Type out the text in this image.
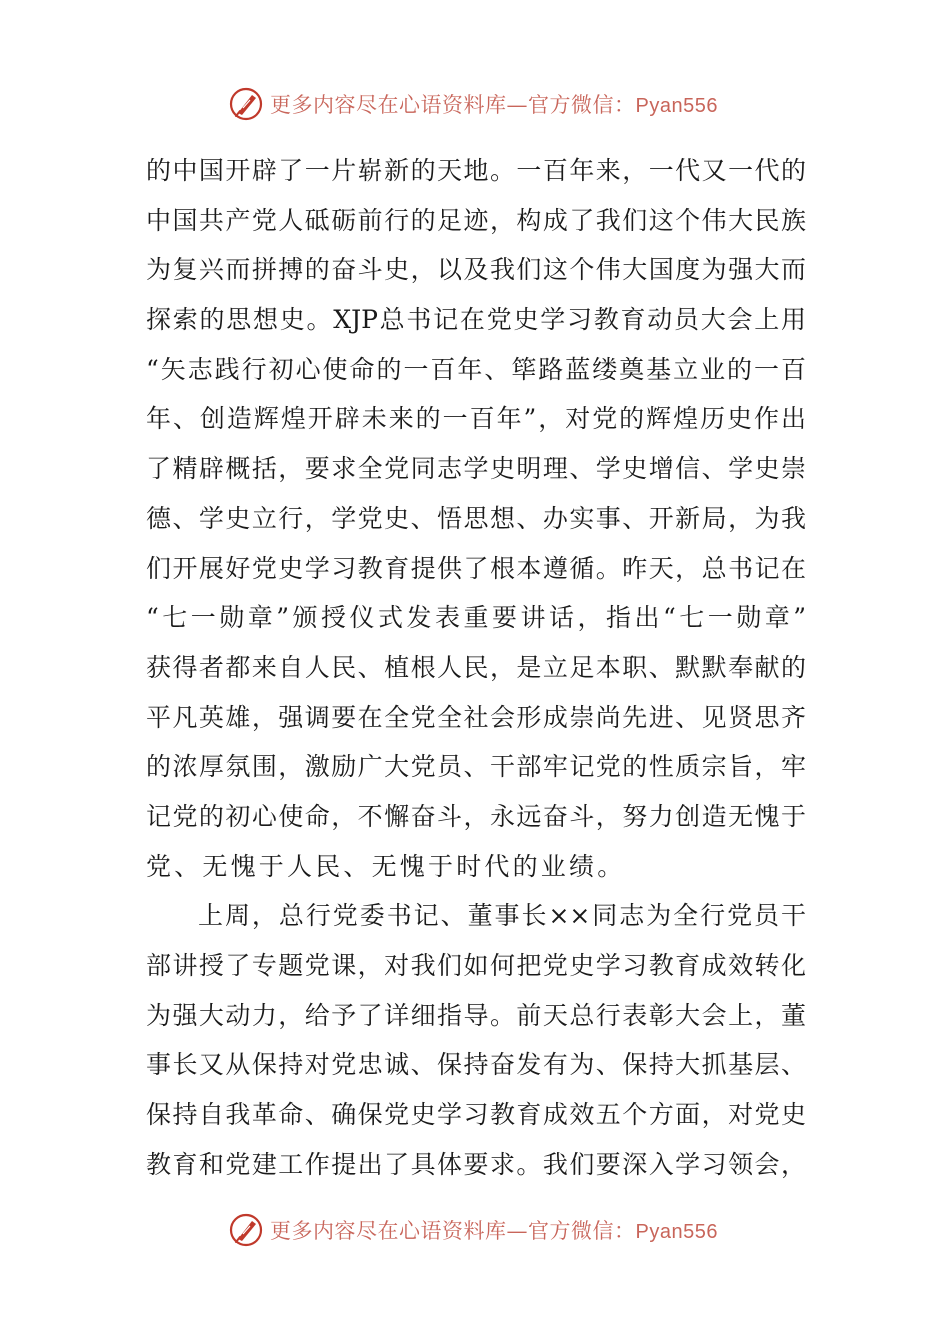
更多内容尽在心语资料库—官方微信：Pyan556
的中国开辟了一片崭新的天地。一百年来，一代又一代的
中国共产党人砥砺前行的足迹，构成了我们这个伟大民族
为复兴而拼搏的奋斗史，以及我们这个伟大国度为强大而
探索的思想史。XJP总书记在党史学习教育动员大会上用
“矢志践行初心使命的一百年、筚路蓝缕奠基立业的一百
年、创造辉煌开辟未来的一百年”，对党的辉煌历史作出
了精辟概括，要求全党同志学史明理、学史增信、学史崇
德、学史立行，学党史、悟思想、办实事、开新局，为我
们开展好党史学习教育提供了根本遵循。昨天，总书记在
“七一勋章”颁授仪式发表重要讲话，指出“七一勋章”
获得者都来自人民、植根人民，是立足本职、默默奉献的
平凡英雄，强调要在全党全社会形成崇尚先进、见贤思齐
的浓厚氛围，激励广大党员、干部牢记党的性质宗旨，牢
记党的初心使命，不懈奋斗，永远奋斗，努力创造无愧于
党、无愧于人民、无愧于时代的业绩。
上周，总行党委书记、董事长××同志为全行党员干
部讲授了专题党课，对我们如何把党史学习教育成效转化
为强大动力，给予了详细指导。前天总行表彰大会上，董
事长又从保持对党忠诚、保持奋发有为、保持大抓基层、
保持自我革命、确保党史学习教育成效五个方面，对党史
教育和党建工作提出了具体要求。我们要深入学习领会，
更多内容尽在心语资料库—官方微信：Pyan556
